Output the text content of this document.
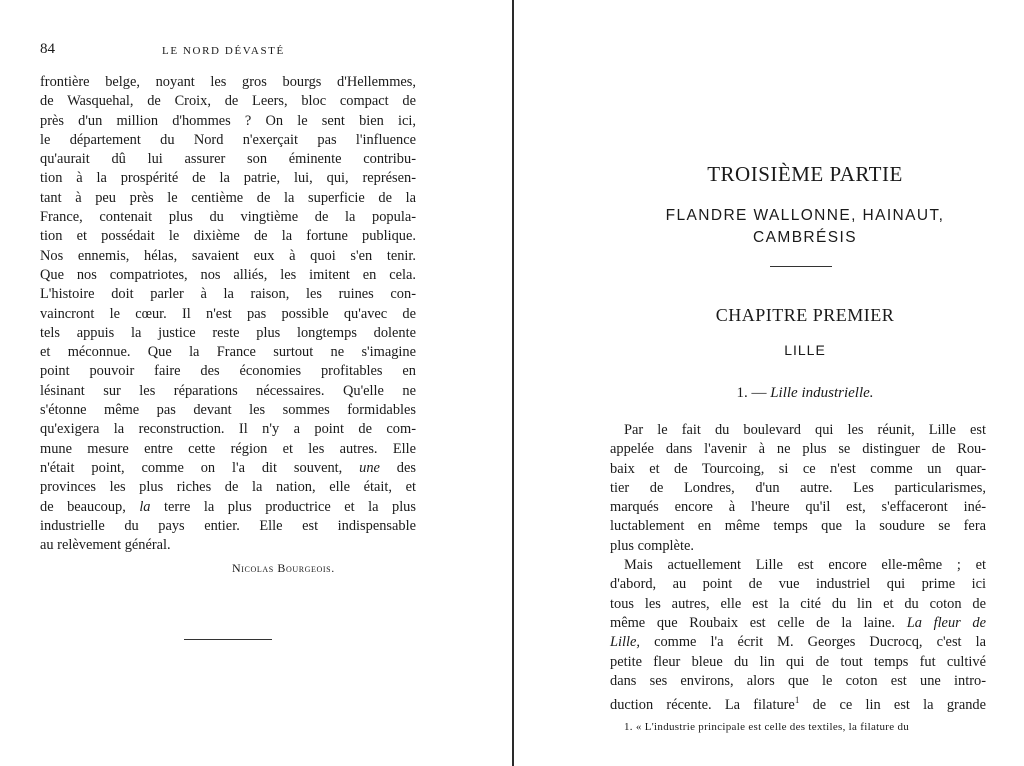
84	LE NORD DÉVASTÉ
frontière belge, noyant les gros bourgs d'Hellemmes,
de Wasquehal, de Croix, de Leers, bloc compact de
près d'un million d'hommes ? On le sent bien ici,
le département du Nord n'exerçait pas l'influence
qu'aurait dû lui assurer son éminente contribu-
tion à la prospérité de la patrie, lui, qui, représen-
tant à peu près le centième de la superficie de la
France, contenait plus du vingtième de la popula-
tion et possédait le dixième de la fortune publique.
Nos ennemis, hélas, savaient eux à quoi s'en tenir.
Que nos compatriotes, nos alliés, les imitent en cela.
L'histoire doit parler à la raison, les ruines con-
vaincront le cœur. Il n'est pas possible qu'avec de
tels appuis la justice reste plus longtemps dolente
et méconnue. Que la France surtout ne s'imagine
point pouvoir faire des économies profitables en
lésinant sur les réparations nécessaires. Qu'elle ne
s'étonne même pas devant les sommes formidables
qu'exigera la reconstruction. Il n'y a point de com-
mune mesure entre cette région et les autres. Elle
n'était point, comme on l'a dit souvent, une des
provinces les plus riches de la nation, elle était, et
de beaucoup, la terre la plus productrice et la plus
industrielle du pays entier. Elle est indispensable
au relèvement général.
Nicolas Bourgeois.
TROISIÈME PARTIE
FLANDRE WALLONNE, HAINAUT,
CAMBRÉSIS
CHAPITRE PREMIER
LILLE
1. — Lille industrielle.
Par le fait du boulevard qui les réunit, Lille est
appelée dans l'avenir à ne plus se distinguer de Rou-
baix et de Tourcoing, si ce n'est comme un quar-
tier de Londres, d'un autre. Les particularismes,
marqués encore à l'heure qu'il est, s'effaceront iné-
luctablement en même temps que la soudure se fera
plus complète.
Mais actuellement Lille est encore elle-même ; et
d'abord, au point de vue industriel qui prime ici
tous les autres, elle est la cité du lin et du coton de
même que Roubaix est celle de la laine. La fleur de
Lille, comme l'a écrit M. Georges Ducrocq, c'est la
petite fleur bleue du lin qui de tout temps fut cultivé
dans ses environs, alors que le coton est une intro-
duction récente. La filature$^1$ de ce lin est la grande
1. « L'industrie principale est celle des textiles, la filature du
